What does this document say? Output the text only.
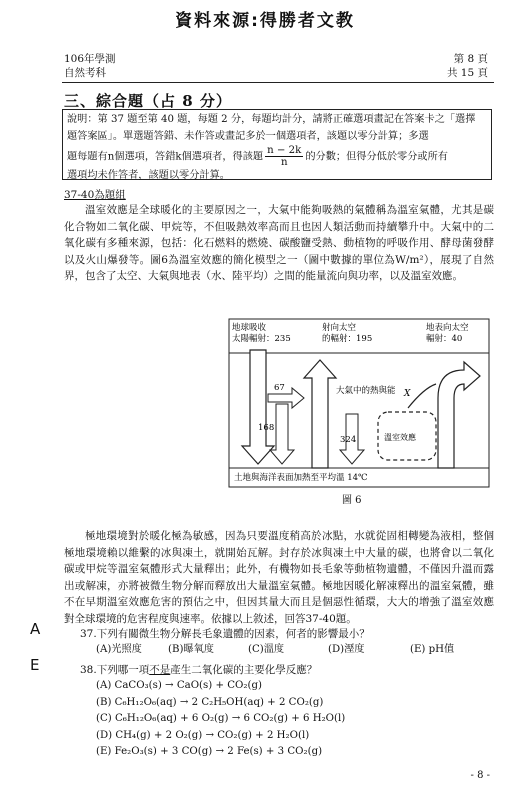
資料來源:得勝者文教
106年學測
自然考科
第 8 頁
共 15 頁
三、綜合題（占 8 分）
說明：第 37 題至第 40 題，每題 2 分，每題均計分，請將正確選項畫記在答案卡之「選擇
題答案區」。單選題答錯、未作答或畫記多於一個選項者，該題以零分計算；多選
題每題有n個選項，答錯k個選項者，得該題 $\frac{n - 2k}{n}$ 的分數；但得分低於零分或所有
選項均未作答者，該題以零分計算。
37-40為題組
溫室效應是全球暖化的主要原因之一，大氣中能夠吸熱的氣體稱為溫室氣體，尤其是碳化合物如二氧化碳、甲烷等，不但吸熱效率高而且也因人類活動而持續攀升中。大氣中的二氧化碳有多種來源，包括：化石燃料的燃燒、碳酸鹽受熱、動植物的呼吸作用、酵母菌發酵以及火山爆發等。圖6為溫室效應的簡化模型之一（圖中數據的單位為W/m²），展現了自然界，包含了太空、大氣與地表（水、陸平均）之間的能量流向與功率，以及溫室效應。
地球吸收
太陽輻射：235
射向太空
的輻射：195
地表向太空
輻射：40
67	大氣中的熱與能 X
168
324	溫室效應
土地與海洋表面加熱至平均溫 14℃
圖 6
極地環境對於暖化極為敏感，因為只要溫度稍高於冰點，水就從固相轉變為液相，整個極地環境賴以維繫的冰與凍土，就開始瓦解。封存於冰與凍土中大量的碳，也將會以二氧化碳或甲烷等溫室氣體形式大量釋出；此外，有機物如長毛象等動植物遺體，不僅因升溫而露出或解凍，亦將被微生物分解而釋放出大量溫室氣體。極地因暖化解凍釋出的溫室氣體，雖不在早期溫室效應危害的預估之中，但因其量大而且是個惡性循環，大大的增強了溫室效應對全球環境的危害程度與速率。依據以上敘述，回答37-40題。
A	37.下列有關微生物分解長毛象遺體的因素，何者的影響最小？
(A)光照度	(B)曝氧度	(C)溫度	(D)溼度	(E) pH值
E	38.下列哪一項不是產生二氧化碳的主要化學反應？
(A) CaCO₃(s) → CaO(s) + CO₂(g)
(B) C₆H₁₂O₆(aq) → 2 C₂H₅OH(aq) + 2 CO₂(g)
(C) C₆H₁₂O₆(aq) + 6 O₂(g) → 6 CO₂(g) + 6 H₂O(l)
(D) CH₄(g) + 2 O₂(g) → CO₂(g) + 2 H₂O(l)
(E) Fe₂O₃(s) + 3 CO(g) → 2 Fe(s) + 3 CO₂(g)
- 8 -
